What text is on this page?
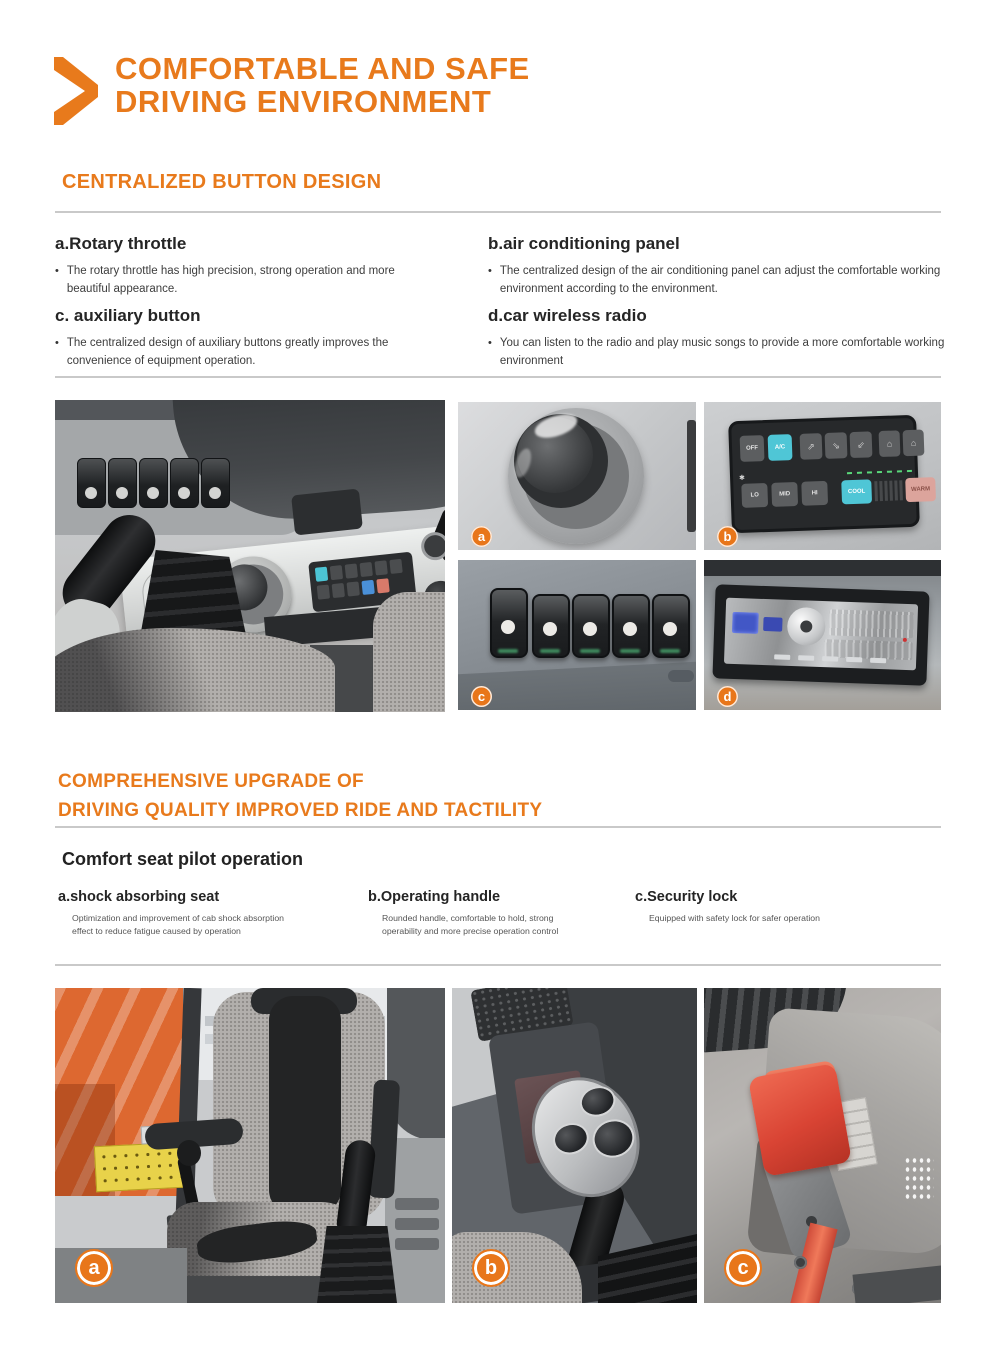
COMFORTABLE AND SAFE
DRIVING ENVIRONMENT
CENTRALIZED BUTTON DESIGN
a.Rotary throttle
• The rotary throttle has high precision, strong operation and more beautiful appearance.

b.air conditioning panel
• The centralized design of the air conditioning panel can adjust the comfortable working environment according to the environment.

c. auxiliary button
• The centralized design of auxiliary buttons greatly improves the convenience of equipment operation.

d.car wireless radio
• You can listen to the radio and play music songs to provide a more comfortable working environment

a
OFF	A/C	⇗ ⇘ ⇙ ⌂ ⌂
✱
LO	MID	HI	COOL	WARM
b
c	d
COMPREHENSIVE UPGRADE OF
DRIVING QUALITY IMPROVED RIDE AND TACTILITY
Comfort seat pilot operation
a.shock absorbing seat

Optimization and improvement of cab shock absorption effect to reduce fatigue caused by operation

b.Operating handle

Rounded handle, comfortable to hold, strong operability and more precise operation control

c.Security lock

Equipped with safety lock for safer operation

a	b	c
